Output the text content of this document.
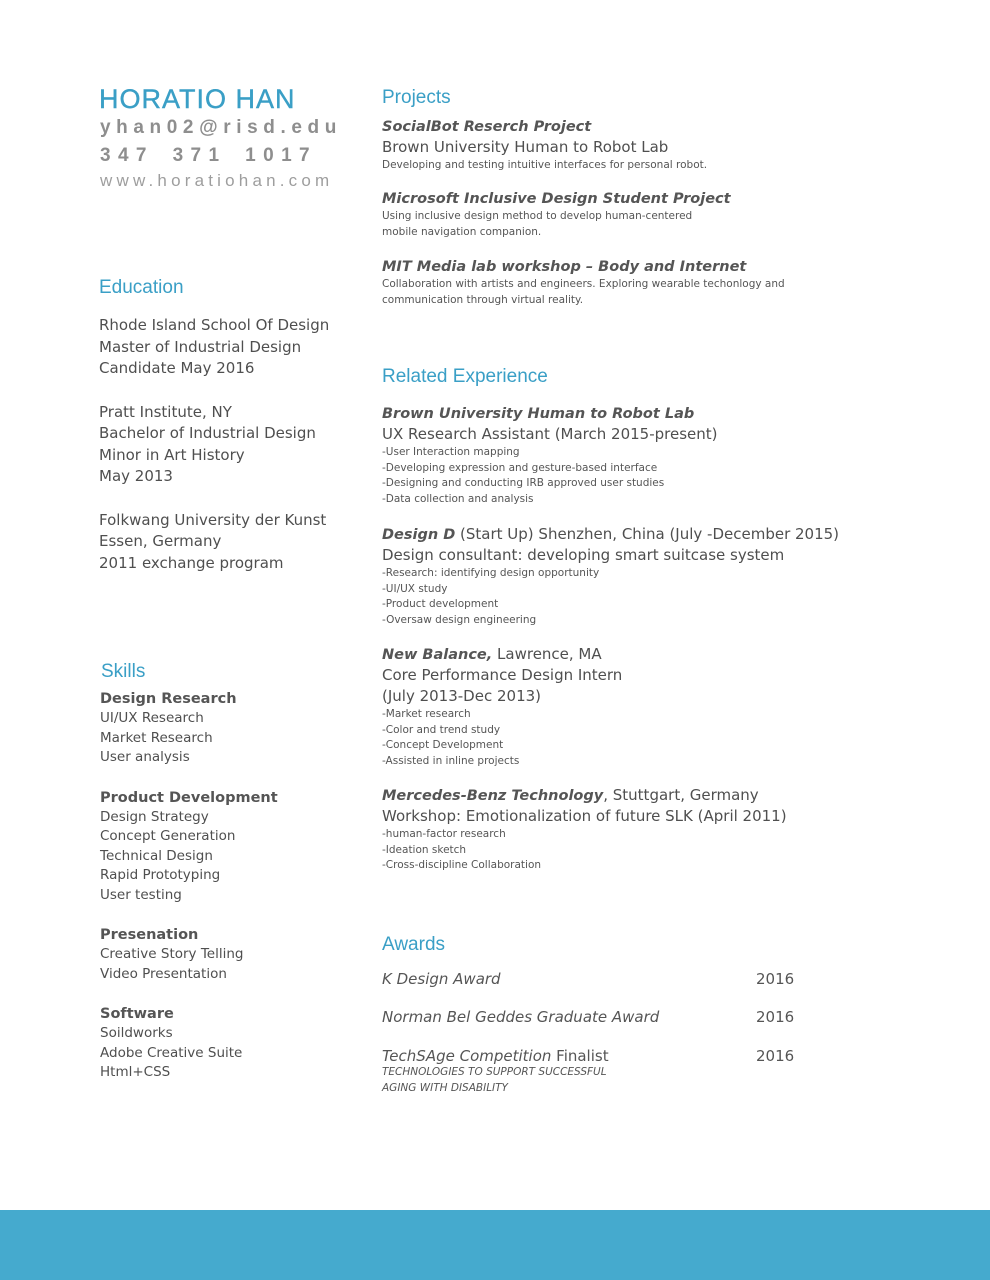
HORATIO HAN
yhan02@risd.edu
347 371 1017
www.horatiohan.com
Education

Rhode Island School Of Design

Master of Industrial Design

Candidate May 2016

Pratt Institute, NY

Bachelor of Industrial Design

Minor in Art History

May 2013

Folkwang University der Kunst

Essen, Germany

2011 exchange program

Skills

Design Research

UI/UX Research

Market Research

User analysis

Product Development

Design Strategy

Concept Generation

Technical Design

Rapid Prototyping

User testing

Presenation

Creative Story Telling

Video Presentation

Software

Soildworks

Adobe Creative Suite

Html+CSS

Projects
SocialBot Reserch Project
Brown University Human to Robot Lab
Developing and testing intuitive interfaces for personal robot.
Microsoft Inclusive Design Student Project
Using inclusive design method to develop human-centered
mobile navigation companion.
MIT Media lab workshop – Body and Internet
Collaboration with artists and engineers. Exploring wearable techonlogy and
communication through virtual reality.
Related Experience
Brown University Human to Robot Lab
UX Research Assistant (March 2015-present)
-User Interaction mapping
-Developing expression and gesture-based interface
-Designing and conducting IRB approved user studies
-Data collection and analysis
Design D (Start Up) Shenzhen, China (July -December 2015)
Design consultant: developing smart suitcase system
-Research: identifying design opportunity
-UI/UX study
-Product development
-Oversaw design engineering
New Balance, Lawrence, MA
Core Performance Design Intern
(July 2013-Dec 2013)
-Market research
-Color and trend study
-Concept Development
-Assisted in inline projects
Mercedes-Benz Technology, Stuttgart, Germany
Workshop: Emotionalization of future SLK (April 2011)
-human-factor research
-Ideation sketch
-Cross-discipline Collaboration
Awards
K Design Award	2016
Norman Bel Geddes Graduate Award	2016
TechSAge Competition Finalist	2016
TECHNOLOGIES TO SUPPORT SUCCESSFUL
AGING WITH DISABILITY
